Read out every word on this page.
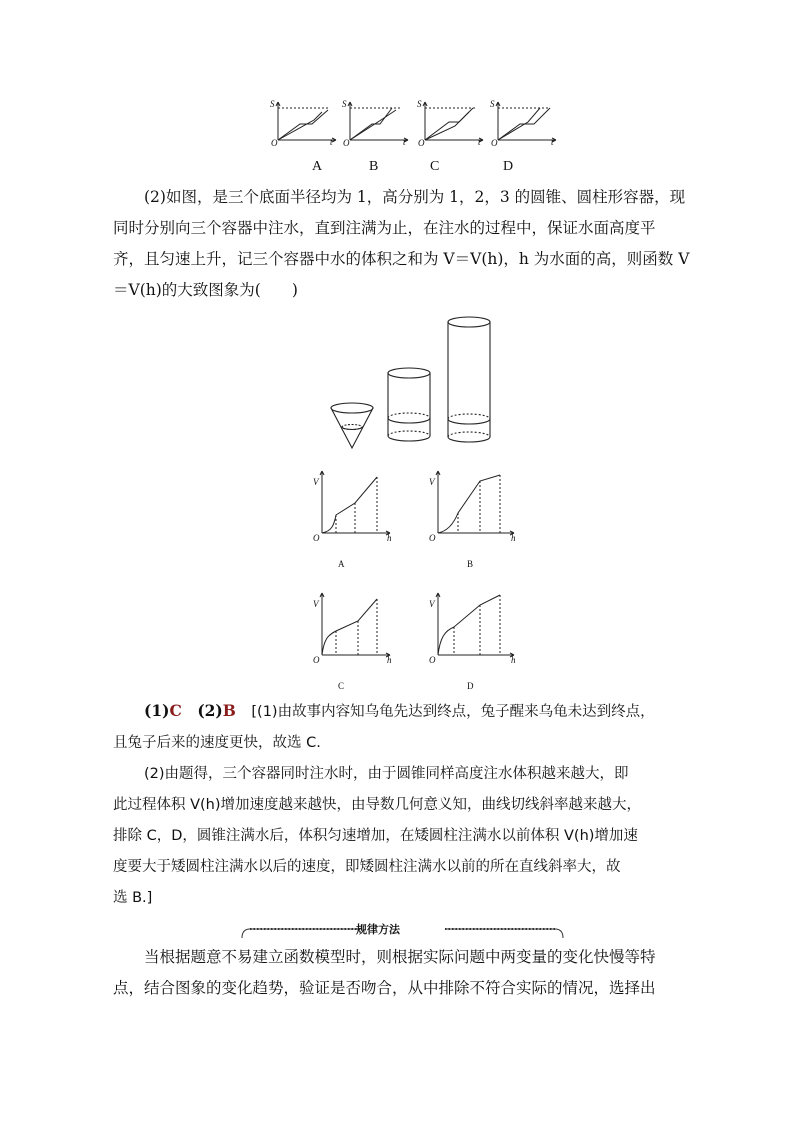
S	S	S	S
O	O	O	O
t	t	t	t
A	B	C	D
(2)如图，是三个底面半径均为 1，高分别为 1，2，3 的圆锥、圆柱形容器，现
同时分别向三个容器中注水，直到注满为止，在注水的过程中，保证水面高度平
齐，且匀速上升，记三个容器中水的体积之和为 V＝V(h)，h 为水面的高，则函数 V
＝V(h)的大致图象为(　　)
V	V
V	V
O	O
O	O
h	h
h	h
A	B
C	D
(1)C　 (2)B　 [(1)由故事内容知乌龟先达到终点，兔子醒来乌龟未达到终点，
且兔子后来的速度更快，故选 C.
(2)由题得，三个容器同时注水时，由于圆锥同样高度注水体积越来越大，即
此过程体积 V(h)增加速度越来越快，由导数几何意义知，曲线切线斜率越来越大，
排除 C，D，圆锥注满水后，体积匀速增加，在矮圆柱注满水以前体积 V(h)增加速
度要大于矮圆柱注满水以后的速度，即矮圆柱注满水以前的所在直线斜率大，故
选 B.]
规律方法
当根据题意不易建立函数模型时，则根据实际问题中两变量的变化快慢等特
点，结合图象的变化趋势，验证是否吻合，从中排除不符合实际的情况，选择出
